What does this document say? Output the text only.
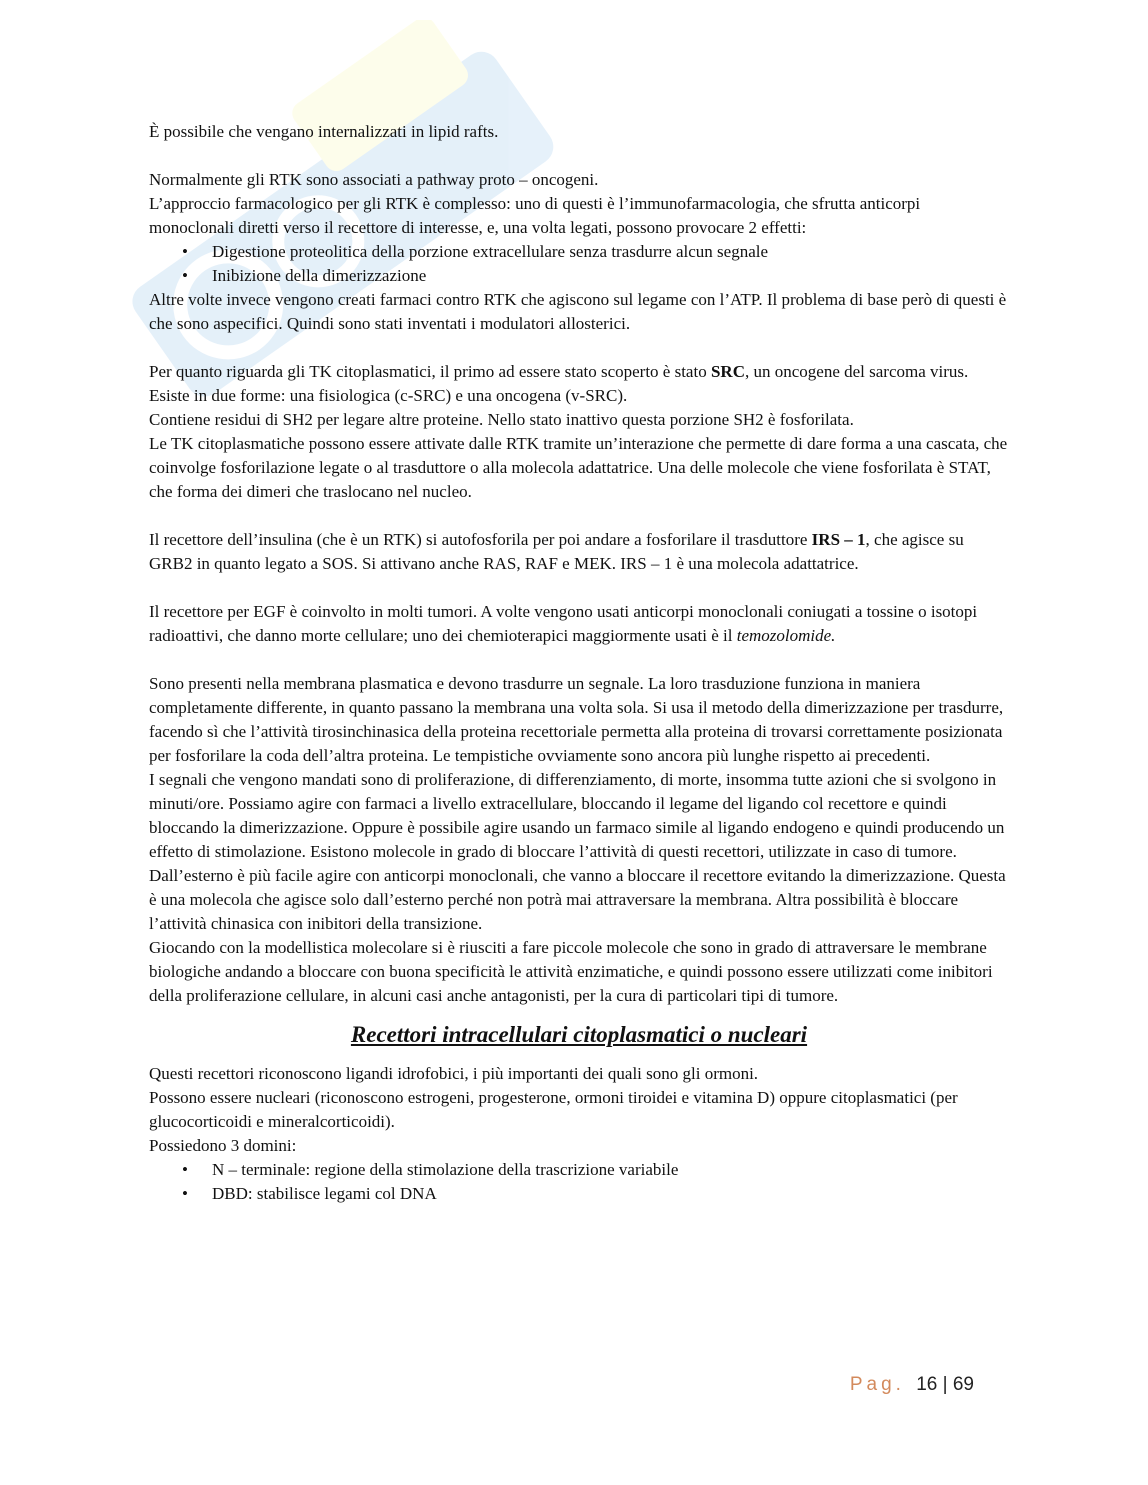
È possibile che vengano internalizzati in lipid rafts.

Normalmente gli RTK sono associati a pathway proto – oncogeni.

L’approccio farmacologico per gli RTK è complesso: uno di questi è l’immunofarmacologia, che sfrutta anticorpi monoclonali diretti verso il recettore di interesse, e, una volta legati, possono provocare 2 effetti:

• Digestione proteolitica della porzione extracellulare senza trasdurre alcun segnale
• Inibizione della dimerizzazione

Altre volte invece vengono creati farmaci contro RTK che agiscono sul legame con l’ATP. Il problema di base però di questi è che sono aspecifici. Quindi sono stati inventati i modulatori allosterici.

Per quanto riguarda gli TK citoplasmatici, il primo ad essere stato scoperto è stato SRC, un oncogene del sarcoma virus. Esiste in due forme: una fisiologica (c-SRC) e una oncogena (v-SRC).

Contiene residui di SH2 per legare altre proteine. Nello stato inattivo questa porzione SH2 è fosforilata.

Le TK citoplasmatiche possono essere attivate dalle RTK tramite un’interazione che permette di dare forma a una cascata, che coinvolge fosforilazione legate o al trasduttore o alla molecola adattatrice. Una delle molecole che viene fosforilata è STAT, che forma dei dimeri che traslocano nel nucleo.

Il recettore dell’insulina (che è un RTK) si autofosforila per poi andare a fosforilare il trasduttore IRS – 1, che agisce su GRB2 in quanto legato a SOS. Si attivano anche RAS, RAF e MEK. IRS – 1 è una molecola adattatrice.

Il recettore per EGF è coinvolto in molti tumori. A volte vengono usati anticorpi monoclonali coniugati a tossine o isotopi radioattivi, che danno morte cellulare; uno dei chemioterapici maggiormente usati è il temozolomide.

Sono presenti nella membrana plasmatica e devono trasdurre un segnale. La loro trasduzione funziona in maniera completamente differente, in quanto passano la membrana una volta sola. Si usa il metodo della dimerizzazione per trasdurre, facendo sì che l’attività tirosinchinasica della proteina recettoriale permetta alla proteina di trovarsi correttamente posizionata per fosforilare la coda dell’altra proteina. Le tempistiche ovviamente sono ancora più lunghe rispetto ai precedenti.

I segnali che vengono mandati sono di proliferazione, di differenziamento, di morte, insomma tutte azioni che si svolgono in minuti/ore. Possiamo agire con farmaci a livello extracellulare, bloccando il legame del ligando col recettore e quindi bloccando la dimerizzazione. Oppure è possibile agire usando un farmaco simile al ligando endogeno e quindi producendo un effetto di stimolazione. Esistono molecole in grado di bloccare l’attività di questi recettori, utilizzate in caso di tumore.

Dall’esterno è più facile agire con anticorpi monoclonali, che vanno a bloccare il recettore evitando la dimerizzazione. Questa è una molecola che agisce solo dall’esterno perché non potrà mai attraversare la membrana. Altra possibilità è bloccare l’attività chinasica con inibitori della transizione.

Giocando con la modellistica molecolare si è riusciti a fare piccole molecole che sono in grado di attraversare le membrane biologiche andando a bloccare con buona specificità le attività enzimatiche, e quindi possono essere utilizzati come inibitori della proliferazione cellulare, in alcuni casi anche antagonisti, per la cura di particolari tipi di tumore.

Recettori intracellulari citoplasmatici o nucleari

Questi recettori riconoscono ligandi idrofobici, i più importanti dei quali sono gli ormoni.

Possono essere nucleari (riconoscono estrogeni, progesterone, ormoni tiroidei e vitamina D) oppure citoplasmatici (per glucocorticoidi e mineralcorticoidi).

Possiedono 3 domini:

• N – terminale: regione della stimolazione della trascrizione variabile
• DBD: stabilisce legami col DNA
Pag. 16 | 69
